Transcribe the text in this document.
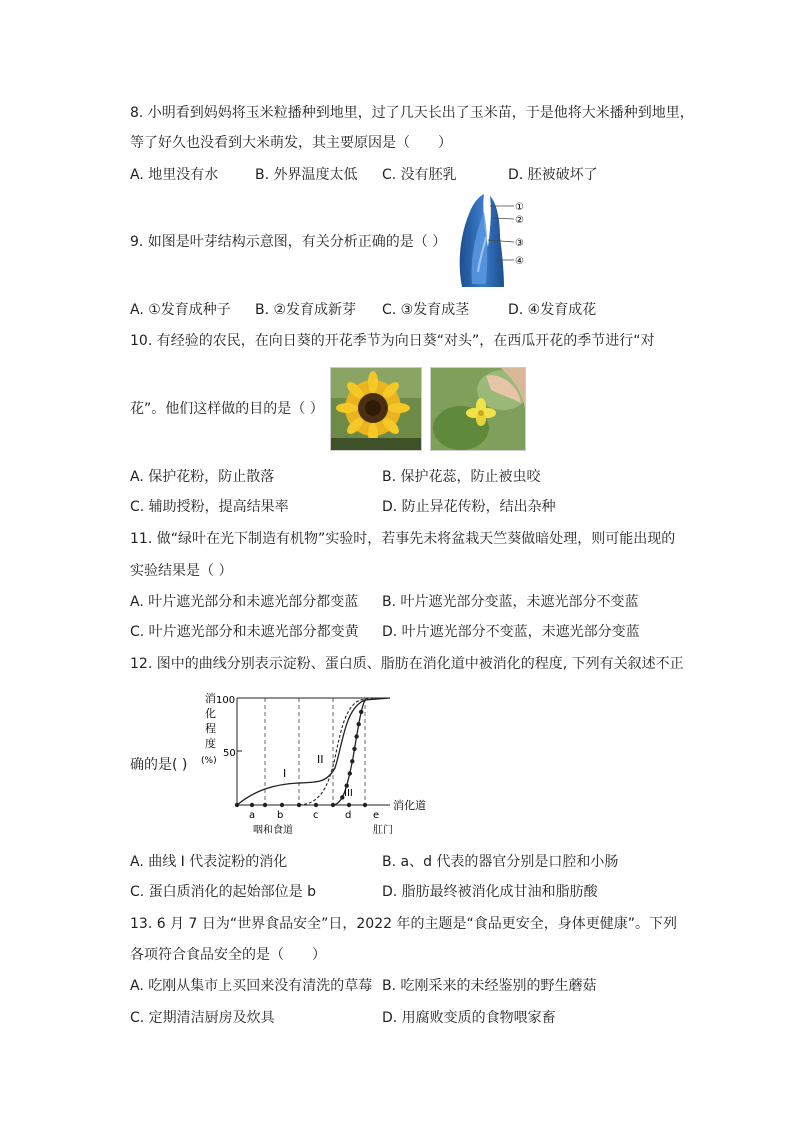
8. 小明看到妈妈将玉米粒播种到地里，过了几天长出了玉米苗，于是他将大米播种到地里，
等了好久也没看到大米萌发，其主要原因是（　　）
A. 地里没有水	B. 外界温度太低 C. 没有胚乳	D. 胚被破坏了
9. 如图是叶芽结构示意图，有关分析正确的是（ ）
①
②
③
④
A. ①发育成种子 B. ②发育成新芽 C. ③发育成茎	D. ④发育成花
10. 有经验的农民，在向日葵的开花季节为向日葵“对头”，在西瓜开花的季节进行“对
花”。他们这样做的目的是（ ）
A. 保护花粉，防止散落	B. 保护花蕊，防止被虫咬
C. 辅助授粉，提高结果率	D. 防止异花传粉，结出杂种
11. 做“绿叶在光下制造有机物”实验时，若事先未将盆栽天竺葵做暗处理，则可能出现的
实验结果是（ ）
A. 叶片遮光部分和未遮光部分都变蓝 B. 叶片遮光部分变蓝，未遮光部分不变蓝
C. 叶片遮光部分和未遮光部分都变黄 D. 叶片遮光部分不变蓝，未遮光部分变蓝
12. 图中的曲线分别表示淀粉、蛋白质、脂肪在消化道中被消化的程度, 下列有关叙述不正
确的是( )
消
化
程
度
(%)
100
50
I
II
III
a b	c	d e
消化道
咽和食道	肛门
A. 曲线 I 代表淀粉的消化	B. a、d 代表的器官分别是口腔和小肠
C. 蛋白质消化的起始部位是 b	D. 脂肪最终被消化成甘油和脂肪酸
13. 6 月 7 日为“世界食品安全”日，2022 年的主题是“食品更安全，身体更健康”。下列
各项符合食品安全的是（　　）
A. 吃刚从集市上买回来没有清洗的草莓 B. 吃刚采来的未经鉴别的野生蘑菇
C. 定期清洁厨房及炊具	D. 用腐败变质的食物喂家畜
